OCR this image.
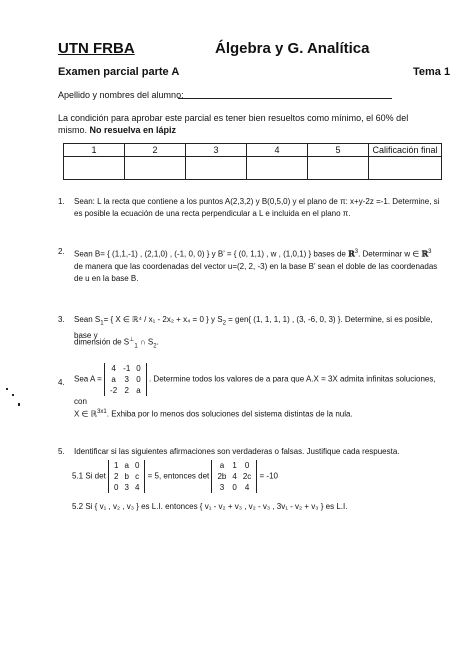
UTN FRBA	Álgebra y G. Analítica
Examen parcial parte A	Tema 1
Apellido y nombres del alumno:
La condición para aprobar este parcial es tener bien resueltos como mínimo, el 60% del mismo. No resuelva en lápiz
1	2	3	4	5	Calificación final

1. Sean: L la recta que contiene a los puntos A(2,3,2) y B(0,5,0) y el plano de π: x+y-2z =-1. Determine, si es posible la ecuación de una recta perpendicular a L e incluida en el plano π.
2. Sean B= { (1,1,-1) , (2,1,0) , (-1, 0, 0) } y B’ = { (0, 1,1) , w , (1,0,1) } bases de ℝ$^3$. Determinar w ∈ ℝ$^3$ de manera que las coordenadas del vector u=(2, 2, -3) en la base B’ sean el doble de las coordenadas de u en la base B.
3. Sean $S_1=$ { X ∈ ℝ⁴ / x₁ - 2x₂ + x₄ = 0 } y $S_2 = gen${ (1, 1, 1, 1) , (3, -6, 0, 3) }. Determine, si es posible, base y
dimensión de $S^\perp_1$ ∩ $S_2$.
4. Sea A =
4	-1	0
a	3	0
-2	2	a
. Determine todos los valores de a para que A.X = 3X admita infinitas soluciones, con
X ∈ ℝ$^{3x1}$. Exhiba por lo menos dos soluciones del sistema distintas de la nula.
5. Identificar si las siguientes afirmaciones son verdaderas o falsas. Justifique cada respuesta.
5.1 Si det
1	a	0
2	b	c
0	3	4
= 5, entonces det
a	1	0
2b	4	2c
3	0	4
= -10
5.2 Si { v₁ , v₂ , v₃ } es L.I. entonces { v₁ - v₂ + v₃ , v₂ - v₃ , 3v₁ - v₂ + v₃ } es L.I.
